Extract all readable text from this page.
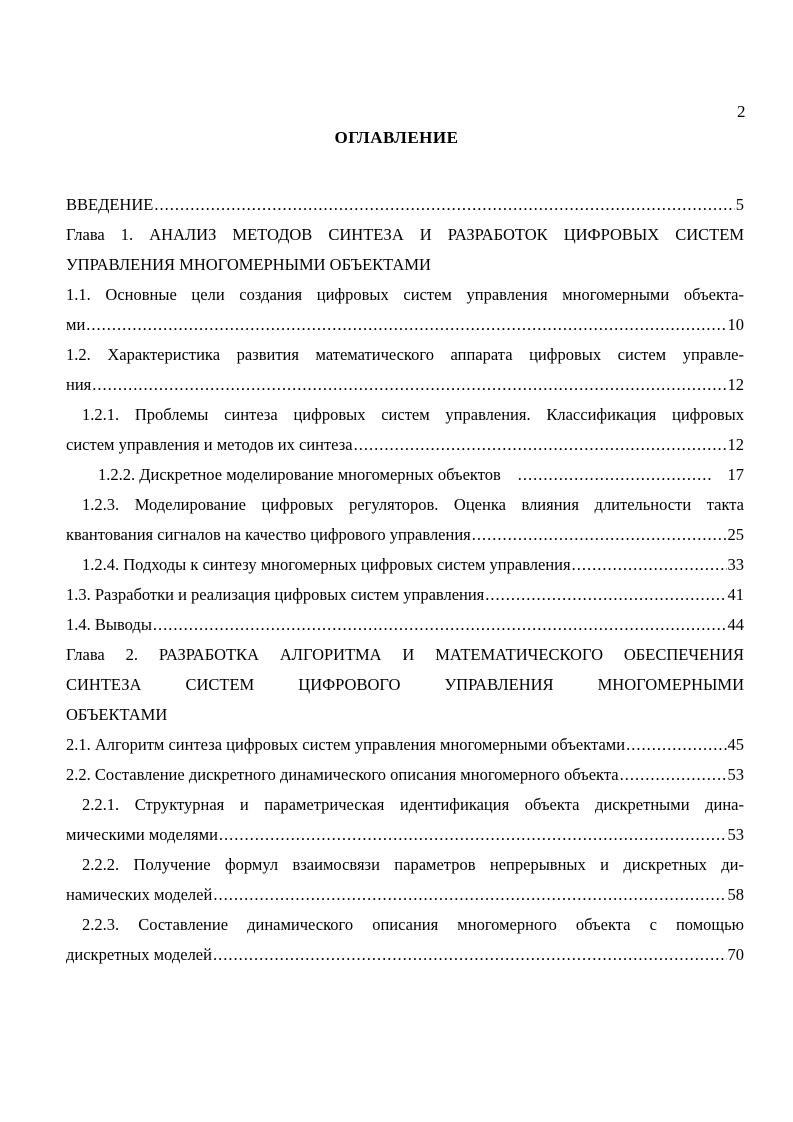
2
ОГЛАВЛЕНИЕ
ВВЕДЕНИЕ .....	5
Глава 1. АНАЛИЗ МЕТОДОВ СИНТЕЗА И РАЗРАБОТОК ЦИФРОВЫХ СИСТЕМ
УПРАВЛЕНИЯ МНОГОМЕРНЫМИ ОБЪЕКТАМИ
1.1. Основные цели создания цифровых систем управления многомерными объекта-
ми .....	10
1.2. Характеристика развития математического аппарата цифровых систем управле-
ния .....	12
1.2.1. Проблемы синтеза цифровых систем управления. Классификация цифровых
систем управления и методов их синтеза .....	12
1.2.2. Дискретное моделирование многомерных объектов .....	17
1.2.3. Моделирование цифровых регуляторов. Оценка влияния длительности такта
квантования сигналов на качество цифрового управления .....	25
1.2.4. Подходы к синтезу многомерных цифровых систем управления .....	33
1.3. Разработки и реализация цифровых систем управления .....	41
1.4. Выводы .....	44
Глава 2. РАЗРАБОТКА АЛГОРИТМА И МАТЕМАТИЧЕСКОГО ОБЕСПЕЧЕНИЯ
СИНТЕЗА СИСТЕМ ЦИФРОВОГО УПРАВЛЕНИЯ МНОГОМЕРНЫМИ
ОБЪЕКТАМИ
2.1. Алгоритм синтеза цифровых систем управления многомерными объектами .....	45
2.2. Составление дискретного динамического описания многомерного объекта .....	53
2.2.1. Структурная и параметрическая идентификация объекта дискретными дина-
мическими моделями .....	53
2.2.2. Получение формул взаимосвязи параметров непрерывных и дискретных ди-
намических моделей .....	58
2.2.3. Составление динамического описания многомерного объекта с помощью
дискретных моделей .....	70
